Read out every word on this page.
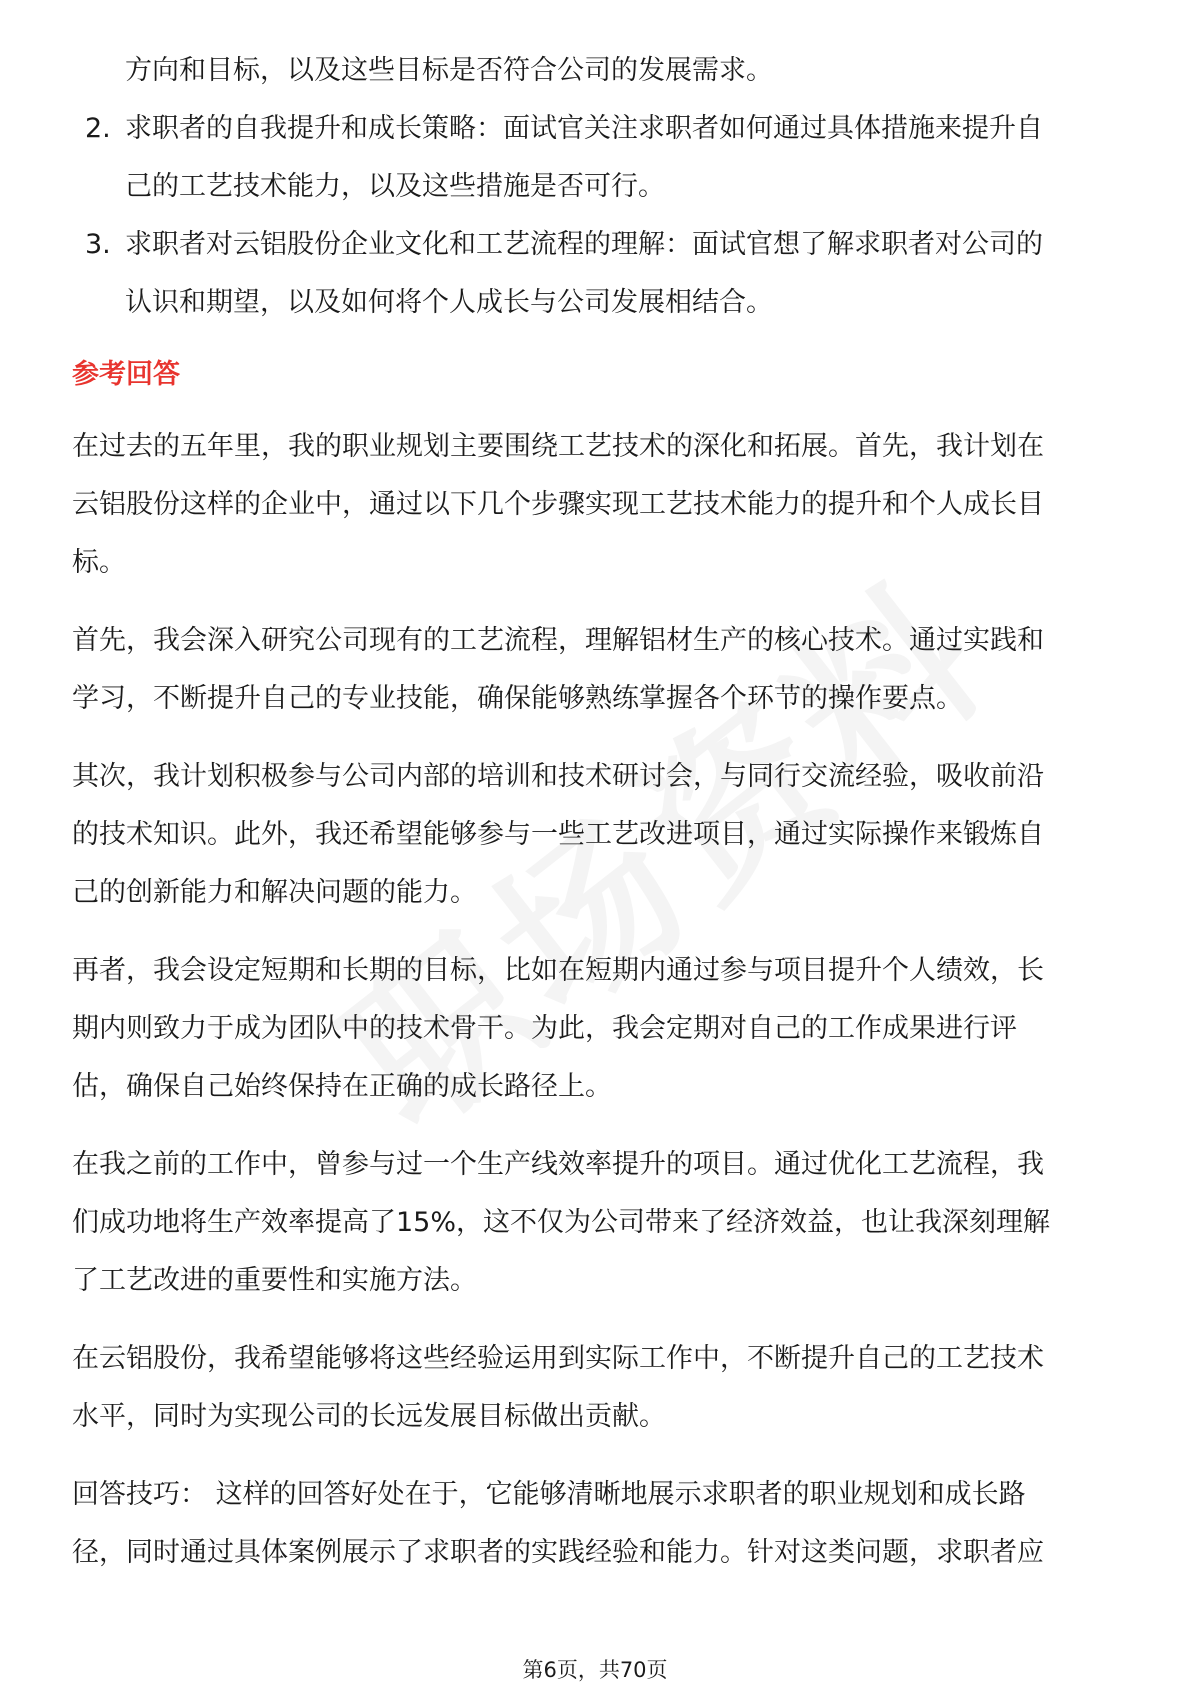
方向和目标，以及这些目标是否符合公司的发展需求。

2. 求职者的自我提升和成长策略：面试官关注求职者如何通过具体措施来提升自

己的工艺技术能力，以及这些措施是否可行。

3. 求职者对云铝股份企业文化和工艺流程的理解：面试官想了解求职者对公司的

认识和期望，以及如何将个人成长与公司发展相结合。

参考回答

在过去的五年里，我的职业规划主要围绕工艺技术的深化和拓展。首先，我计划在

云铝股份这样的企业中，通过以下几个步骤实现工艺技术能力的提升和个人成长目

标。

首先，我会深入研究公司现有的工艺流程，理解铝材生产的核心技术。通过实践和

学习，不断提升自己的专业技能，确保能够熟练掌握各个环节的操作要点。

其次，我计划积极参与公司内部的培训和技术研讨会，与同行交流经验，吸收前沿

的技术知识。此外，我还希望能够参与一些工艺改进项目，通过实际操作来锻炼自

己的创新能力和解决问题的能力。

再者，我会设定短期和长期的目标，比如在短期内通过参与项目提升个人绩效，长

期内则致力于成为团队中的技术骨干。为此，我会定期对自己的工作成果进行评

估，确保自己始终保持在正确的成长路径上。

在我之前的工作中，曾参与过一个生产线效率提升的项目。通过优化工艺流程，我

们成功地将生产效率提高了15%，这不仅为公司带来了经济效益，也让我深刻理解

了工艺改进的重要性和实施方法。

在云铝股份，我希望能够将这些经验运用到实际工作中，不断提升自己的工艺技术

水平，同时为实现公司的长远发展目标做出贡献。

回答技巧： 这样的回答好处在于，它能够清晰地展示求职者的职业规划和成长路

径，同时通过具体案例展示了求职者的实践经验和能力。针对这类问题，求职者应

第6页，共70页
